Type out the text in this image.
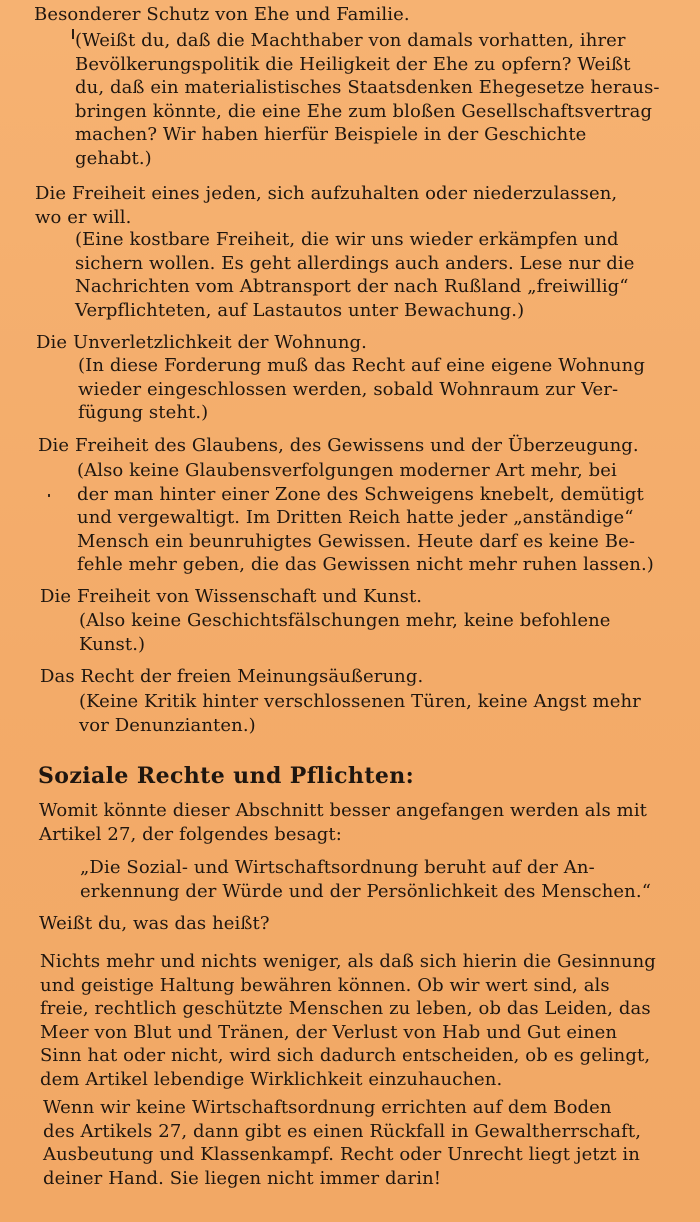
Besonderer Schutz von Ehe und Familie.
(Weißt du, daß die Machthaber von damals vorhatten, ihrer
Bevölkerungspolitik die Heiligkeit der Ehe zu opfern? Weißt
du, daß ein materialistisches Staatsdenken Ehegesetze heraus-
bringen könnte, die eine Ehe zum bloßen Gesellschaftsvertrag
machen? Wir haben hierfür Beispiele in der Geschichte
gehabt.)
Die Freiheit eines jeden, sich aufzuhalten oder niederzulassen,
wo er will.
(Eine kostbare Freiheit, die wir uns wieder erkämpfen und
sichern wollen. Es geht allerdings auch anders. Lese nur die
Nachrichten vom Abtransport der nach Rußland „freiwillig“
Verpflichteten, auf Lastautos unter Bewachung.)
Die Unverletzlichkeit der Wohnung.
(In diese Forderung muß das Recht auf eine eigene Wohnung
wieder eingeschlossen werden, sobald Wohnraum zur Ver-
fügung steht.)
Die Freiheit des Glaubens, des Gewissens und der Überzeugung.
(Also keine Glaubensverfolgungen moderner Art mehr, bei
der man hinter einer Zone des Schweigens knebelt, demütigt
und vergewaltigt. Im Dritten Reich hatte jeder „anständige“
Mensch ein beunruhigtes Gewissen. Heute darf es keine Be-
fehle mehr geben, die das Gewissen nicht mehr ruhen lassen.)
Die Freiheit von Wissenschaft und Kunst.
(Also keine Geschichtsfälschungen mehr, keine befohlene
Kunst.)
Das Recht der freien Meinungsäußerung.
(Keine Kritik hinter verschlossenen Türen, keine Angst mehr
vor Denunzianten.)
Soziale Rechte und Pflichten:
Womit könnte dieser Abschnitt besser angefangen werden als mit
Artikel 27, der folgendes besagt:
„Die Sozial- und Wirtschaftsordnung beruht auf der An-
erkennung der Würde und der Persönlichkeit des Menschen.“
Weißt du, was das heißt?
Nichts mehr und nichts weniger, als daß sich hierin die Gesinnung
und geistige Haltung bewähren können. Ob wir wert sind, als
freie, rechtlich geschützte Menschen zu leben, ob das Leiden, das
Meer von Blut und Tränen, der Verlust von Hab und Gut einen
Sinn hat oder nicht, wird sich dadurch entscheiden, ob es gelingt,
dem Artikel lebendige Wirklichkeit einzuhauchen.
Wenn wir keine Wirtschaftsordnung errichten auf dem Boden
des Artikels 27, dann gibt es einen Rückfall in Gewaltherrschaft,
Ausbeutung und Klassenkampf. Recht oder Unrecht liegt jetzt in
deiner Hand. Sie liegen nicht immer darin!
